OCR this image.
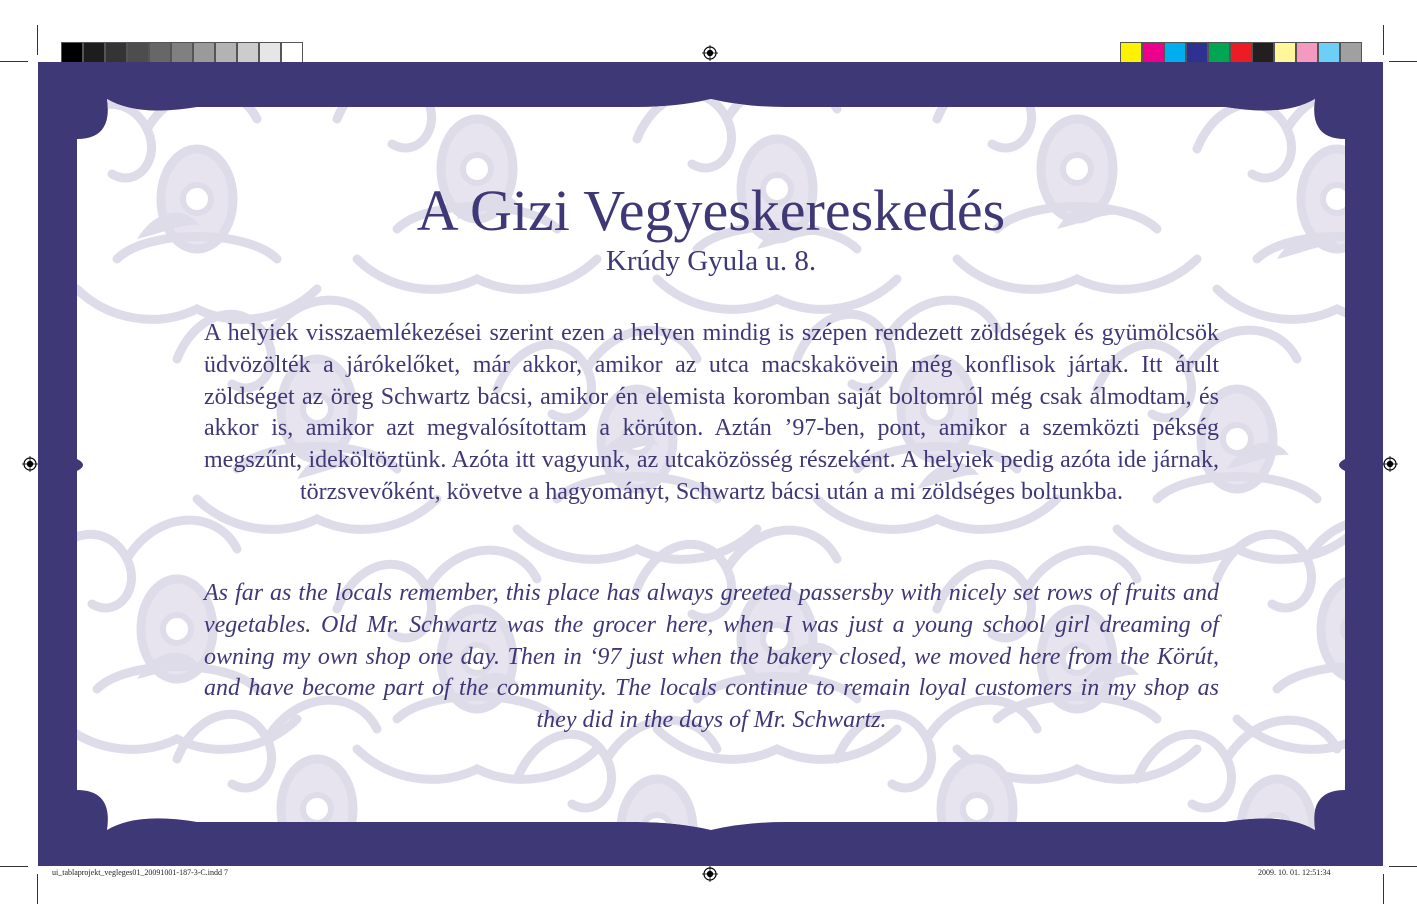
A Gizi Vegyeskereskedés
Krúdy Gyula u. 8.

A helyiek visszaemlékezései szerint ezen a helyen mindig is szépen rendezett zöldségek és gyümölcsök üdvözölték a járókelőket, már akkor, amikor az utca macskakövein még konflisok jártak. Itt árult zöldséget az öreg Schwartz bácsi, amikor én elemista koromban saját boltomról még csak álmodtam, és akkor is, amikor azt megvalósítottam a körúton. Aztán ’97-ben, pont, amikor a szemközti pékség megszűnt, ideköltöztünk. Azóta itt vagyunk, az utcaközösség részeként. A helyiek pedig azóta ide járnak, törzsvevőként, követve a hagyományt, Schwartz bácsi után a mi zöldséges boltunkba.

As far as the locals remember, this place has always greeted passersby with nicely set rows of fruits and vegetables. Old Mr. Schwartz was the grocer here, when I was just a young school girl dreaming of owning my own shop one day. Then in ‘97 just when the bakery closed, we moved here from the Körút, and have become part of the community. The locals continue to remain loyal customers in my shop as they did in the days of Mr. Schwartz.

ui_tablaprojekt_vegleges01_20091001-187-3-C.indd 7	2009. 10. 01. 12:51:34
